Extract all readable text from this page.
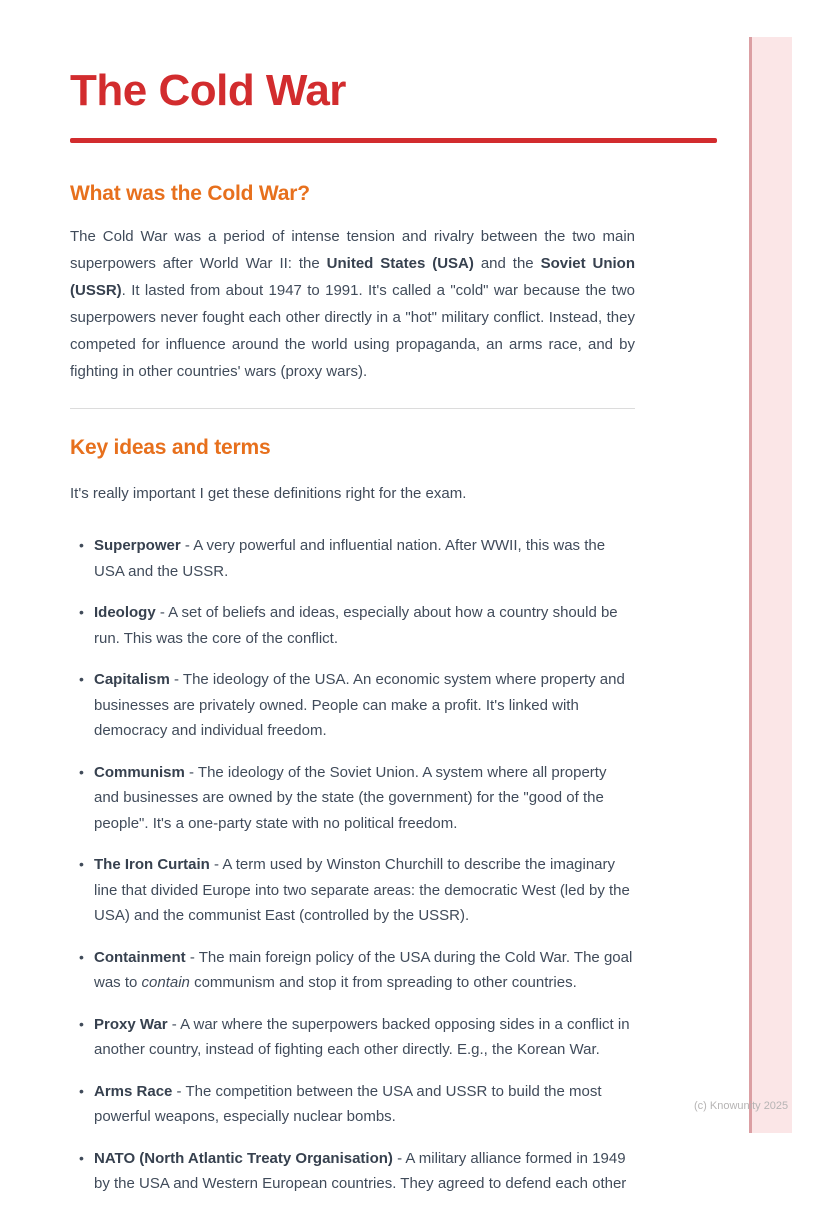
(c) Knowunity 2025
The Cold War
What was the Cold War?

The Cold War was a period of intense tension and rivalry between the two main superpowers after World War II: the United States (USA) and the Soviet Union (USSR). It lasted from about 1947 to 1991. It's called a "cold" war because the two superpowers never fought each other directly in a "hot" military conflict. Instead, they competed for influence around the world using propaganda, an arms race, and by fighting in other countries' wars (proxy wars).

Key ideas and terms

It's really important I get these definitions right for the exam.

• Superpower - A very powerful and influential nation. After WWII, this was the USA and the USSR.
• Ideology - A set of beliefs and ideas, especially about how a country should be run. This was the core of the conflict.
• Capitalism - The ideology of the USA. An economic system where property and businesses are privately owned. People can make a profit. It's linked with democracy and individual freedom.
• Communism - The ideology of the Soviet Union. A system where all property and businesses are owned by the state (the government) for the "good of the people". It's a one-party state with no political freedom.
• The Iron Curtain - A term used by Winston Churchill to describe the imaginary line that divided Europe into two separate areas: the democratic West (led by the USA) and the communist East (controlled by the USSR).
• Containment - The main foreign policy of the USA during the Cold War. The goal was to contain communism and stop it from spreading to other countries.
• Proxy War - A war where the superpowers backed opposing sides in a conflict in another country, instead of fighting each other directly. E.g., the Korean War.
• Arms Race - The competition between the USA and USSR to build the most powerful weapons, especially nuclear bombs.
• NATO (North Atlantic Treaty Organisation) - A military alliance formed in 1949 by the USA and Western European countries. They agreed to defend each other
